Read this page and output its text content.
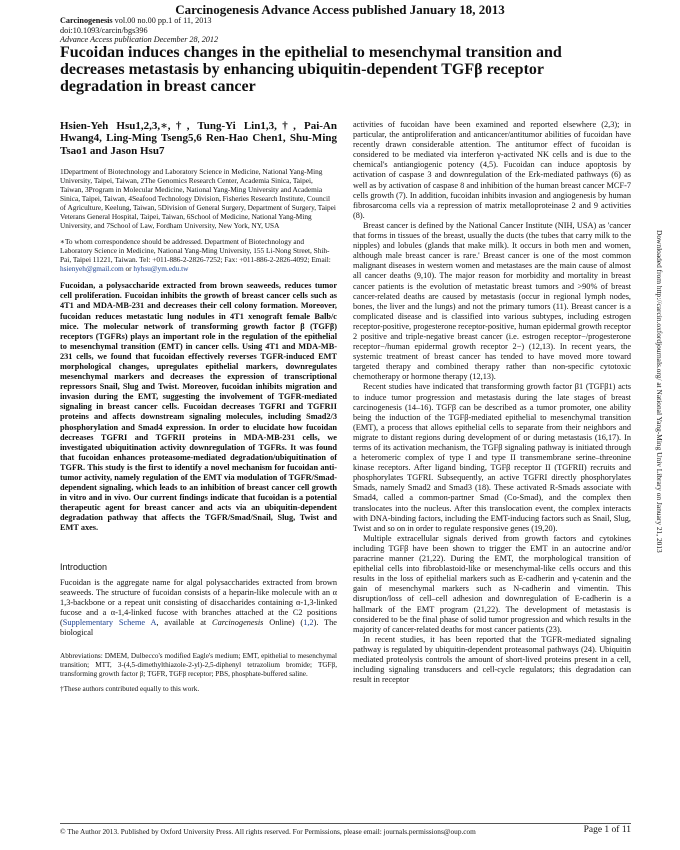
Carcinogenesis Advance Access published January 18, 2013
Carcinogenesis vol.00 no.00 pp.1 of 11, 2013
doi:10.1093/carcin/bgs396
Advance Access publication December 28, 2012
Fucoidan induces changes in the epithelial to mesenchymal transition and decreases metastasis by enhancing ubiquitin-dependent TGFβ receptor degradation in breast cancer
Hsien-Yeh Hsu1,2,3,∗,†, Tung-Yi Lin1,3,†, Pai-An Hwang4, Ling-Ming Tseng5,6 Ren-Hao Chen1, Shu-Ming Tsao1 and Jason Hsu7

1Department of Biotechnology and Laboratory Science in Medicine, National Yang-Ming University, Taipei, Taiwan, 2The Genomics Research Center, Academia Sinica, Taipei, Taiwan, 3Program in Molecular Medicine, National Yang-Ming University and Academia Sinica, Taipei, Taiwan, 4Seafood Technology Division, Fisheries Research Institute, Council of Agriculture, Keelung, Taiwan, 5Division of General Surgery, Department of Surgery, Taipei Veterans General Hospital, Taipei, Taiwan, 6School of Medicine, National Yang-Ming University, and 7School of Law, Fordham University, New York, NY, USA

∗To whom correspondence should be addressed. Department of Biotechnology and Laboratory Science in Medicine, National Yang-Ming University, 155 Li-Nong Street, Shih-Pai, Taipei 11221, Taiwan. Tel: +011-886-2-2826-7252; Fax: +011-886-2-2826-4092; Email: hsienyeh@gmail.com or hyhsu@ym.edu.tw

Fucoidan, a polysaccharide extracted from brown seaweeds, reduces tumor cell proliferation. Fucoidan inhibits the growth of breast cancer cells such as 4T1 and MDA-MB-231 and decreases their cell colony formation. Moreover, fucoidan reduces metastatic lung nodules in 4T1 xenograft female Balb/c mice. The molecular network of transforming growth factor β (TGFβ) receptors (TGFRs) plays an important role in the regulation of the epithelial to mesenchymal transition (EMT) in cancer cells. Using 4T1 and MDA-MB-231 cells, we found that fucoidan effectively reverses TGFR-induced EMT morphological changes, upregulates epithelial markers, downregulates mesenchymal markers and decreases the expression of transcriptional repressors Snail, Slug and Twist. Moreover, fucoidan inhibits migration and invasion during the EMT, suggesting the involvement of TGFR-mediated signaling in breast cancer cells. Fucoidan decreases TGFRI and TGFRII proteins and affects downstream signaling molecules, including Smad2/3 phosphorylation and Smad4 expression. In order to elucidate how fucoidan decreases TGFRI and TGFRII proteins in MDA-MB-231 cells, we investigated ubiquitination activity downregulation of TGFRs. It was found that fucoidan enhances proteasome-mediated degradation/ubiquitination of TGFR. This study is the first to identify a novel mechanism for fucoidan anti-tumor activity, namely regulation of the EMT via modulation of TGFR/Smad-dependent signaling, which leads to an inhibition of breast cancer cell growth in vitro and in vivo. Our current findings indicate that fucoidan is a potential therapeutic agent for breast cancer and acts via an ubiquitin-dependent degradation pathway that affects the TGFR/Smad/Snail, Slug, Twist and EMT axes.

Introduction

Fucoidan is the aggregate name for algal polysaccharides extracted from brown seaweeds. The structure of fucoidan consists of a heparin-like molecule with an α 1,3-backbone or a repeat unit consisting of disaccharides containing α-1,3-linked fucose and a α-1,4-linked fucose with branches attached at the C2 positions (Supplementary Scheme A, available at Carcinogenesis Online) (1,2). The biological

Abbreviations: DMEM, Dulbecco's modified Eagle's medium; EMT, epithelial to mesenchymal transition; MTT, 3-(4,5-dimethylthiazole-2-yl)-2,5-diphenyl tetrazolium bromide; TGFβ, transforming growth factor β; TGFR, TGFβ receptor; PBS, phosphate-buffered saline.

†These authors contributed equally to this work.

activities of fucoidan have been examined and reported elsewhere (2,3); in particular, the antiproliferation and anticancer/antitumor abilities of fucoidan have recently drawn considerable attention. The antitumor effect of fucoidan is considered to be mediated via interferon γ-activated NK cells and is due to the chemical's antiangiogenic potency (4,5). Fucoidan can induce apoptosis by activation of caspase 3 and downregulation of the Erk-mediated pathways (6) as well as by activation of caspase 8 and inhibition of the human breast cancer MCF-7 cells growth (7). In addition, fucoidan inhibits invasion and angiogenesis by human fibrosarcoma cells via a repression of matrix metalloproteinase 2 and 9 activities (8).

Breast cancer is defined by the National Cancer Institute (NIH, USA) as 'cancer that forms in tissues of the breast, usually the ducts (the tubes that carry milk to the nipples) and lobules (glands that make milk). It occurs in both men and women, although male breast cancer is rare.' Breast cancer is one of the most common malignant diseases in western women and metastases are the main cause of almost all cancer deaths (9,10). The major reason for morbidity and mortality in breast cancer patients is the evolution of metastatic breast tumors and >90% of breast cancer-related deaths are caused by metastasis (occur in regional lymph nodes, bones, the liver and the lungs) and not the primary tumors (11). Breast cancer is a complicated disease and is classified into various subtypes, including estrogen receptor-positive, progesterone receptor-positive, human epidermal growth receptor 2 positive and triple-negative breast cancer (i.e. estrogen receptor−/progesterone receptor−/human epidermal growth receptor 2−) (12,13). In recent years, the systemic treatment of breast cancer has tended to have moved more toward targeted therapy and combined therapy rather than non-specific cytotoxic chemotherapy or hormone therapy (12,13).

Recent studies have indicated that transforming growth factor β1 (TGFβ1) acts to induce tumor progression and metastasis during the late stages of breast carcinogenesis (14–16). TGFβ can be described as a tumor promoter, one ability being the induction of the TGFβ-mediated epithelial to mesenchymal transition (EMT), a process that allows epithelial cells to separate from their neighbors and migrate to distant regions during development of or during metastasis (16,17). In terms of its activation mechanism, the TGFβ signaling pathway is initiated through a heteromeric complex of type I and type II transmembrane serine–threonine kinase receptors. After ligand binding, TGFβ receptor II (TGFRII) recruits and phosphorylates TGFRI. Subsequently, an active TGFRI directly phosphorylates Smads, namely Smad2 and Smad3 (18). These activated R-Smads associate with Smad4, called a common-partner Smad (Co-Smad), and the complex then translocates into the nucleus. After this translocation event, the complex interacts with DNA-binding factors, including the EMT-inducing factors such as Snail, Slug, Twist and so on in order to regulate responsive genes (19,20).

Multiple extracellular signals derived from growth factors and cytokines including TGFβ have been shown to trigger the EMT in an autocrine and/or paracrine manner (21,22). During the EMT, the morphological transition of epithelial cells into fibroblastoid-like or mesenchymal-like cells occurs and this results in the loss of epithelial markers such as E-cadherin and γ-catenin and the gain of mesenchymal markers such as N-cadherin and vimentin. This disruption/loss of cell–cell adhesion and downregulation of E-cadherin is a hallmark of the EMT program (21,22). The development of metastasis is considered to be the final phase of solid tumor progression and which results in the majority of cancer-related deaths for most cancer patients (23).

In recent studies, it has been reported that the TGFR-mediated signaling pathway is regulated by ubiquitin-dependent proteasomal pathways (24). Ubiquitin mediated proteolysis controls the amount of short-lived proteins present in a cell, including signaling transducers and cell-cycle regulators; this degradation can result in receptor

Downloaded from http://carcin.oxfordjournals.org/ at National Yang-Ming Univ Library on January 21, 2013
© The Author 2013. Published by Oxford University Press. All rights reserved. For Permissions, please email: journals.permissions@oup.com	Page 1 of 11
